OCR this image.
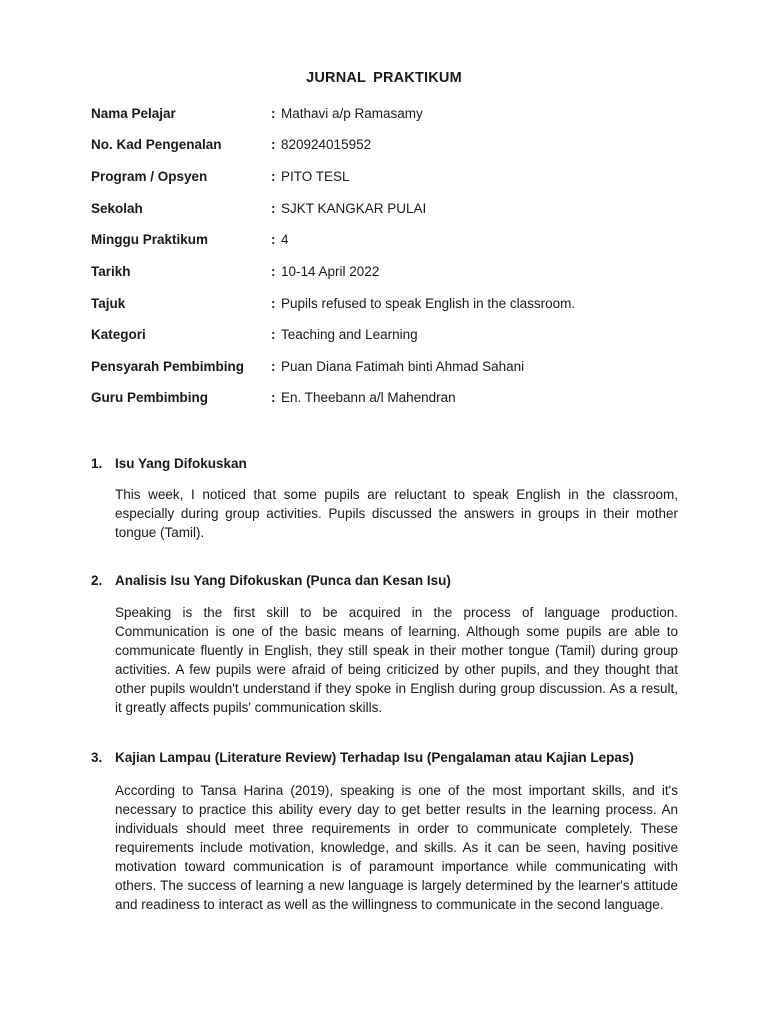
JURNAL PRAKTIKUM
Nama Pelajar	: Mathavi a/p Ramasamy
No. Kad Pengenalan	: 820924015952
Program / Opsyen	: PITO TESL
Sekolah	: SJKT KANGKAR PULAI
Minggu Praktikum	: 4
Tarikh	: 10-14 April 2022
Tajuk	: Pupils refused to speak English in the classroom.
Kategori	: Teaching and Learning
Pensyarah Pembimbing : Puan Diana Fatimah binti Ahmad Sahani
Guru Pembimbing	: En. Theebann a/l Mahendran
1. Isu Yang Difokuskan

This week, I noticed that some pupils are reluctant to speak English in the classroom, especially during group activities. Pupils discussed the answers in groups in their mother tongue (Tamil).

2. Analisis Isu Yang Difokuskan (Punca dan Kesan Isu)

Speaking is the first skill to be acquired in the process of language production. Communication is one of the basic means of learning. Although some pupils are able to communicate fluently in English, they still speak in their mother tongue (Tamil) during group activities. A few pupils were afraid of being criticized by other pupils, and they thought that other pupils wouldn't understand if they spoke in English during group discussion. As a result, it greatly affects pupils' communication skills.

3. Kajian Lampau (Literature Review) Terhadap Isu (Pengalaman atau Kajian Lepas)

According to Tansa Harina (2019), speaking is one of the most important skills, and it's necessary to practice this ability every day to get better results in the learning process. An individuals should meet three requirements in order to communicate completely. These requirements include motivation, knowledge, and skills. As it can be seen, having positive motivation toward communication is of paramount importance while communicating with others. The success of learning a new language is largely determined by the learner's attitude and readiness to interact as well as the willingness to communicate in the second language.
